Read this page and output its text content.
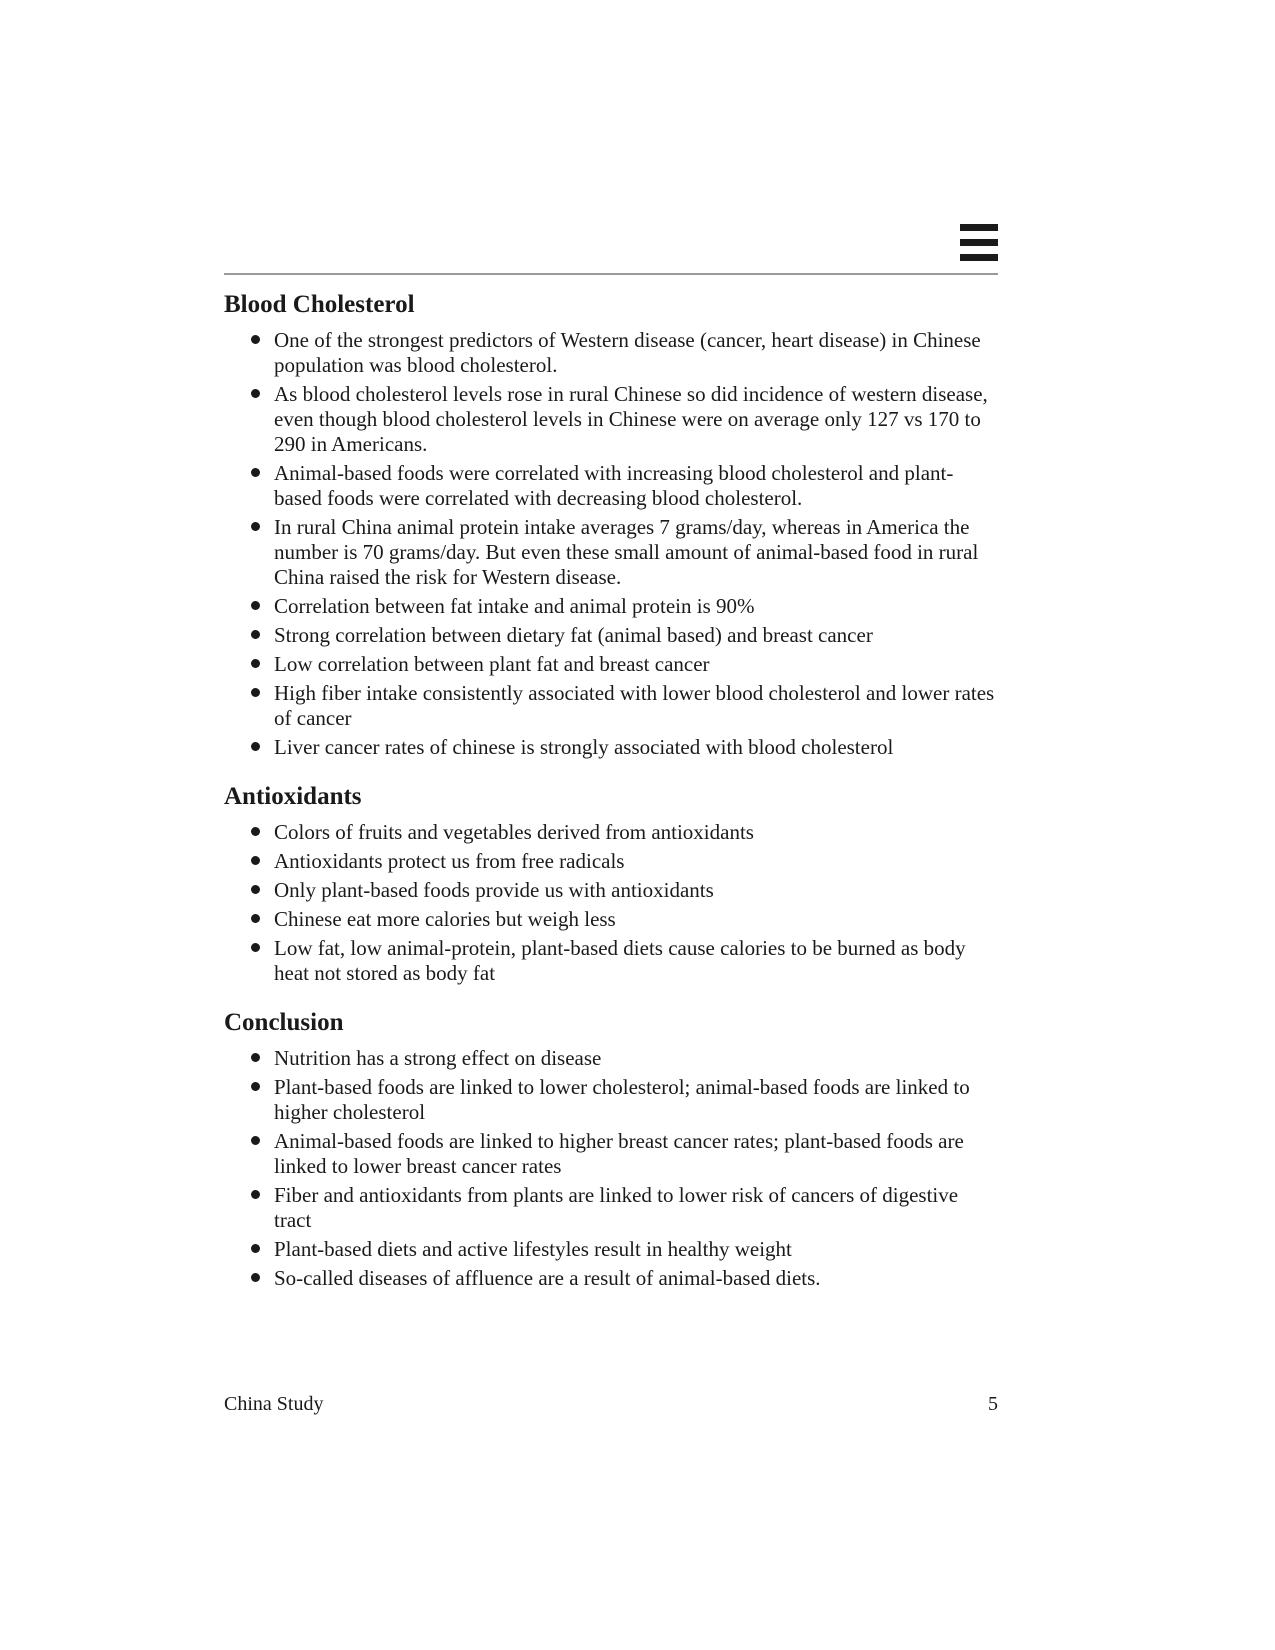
Blood Cholesterol
One of the strongest predictors of Western disease (cancer, heart disease) in Chinese population was blood cholesterol.
As blood cholesterol levels rose in rural Chinese so did incidence of western disease, even though blood cholesterol levels in Chinese were on average only 127 vs 170 to 290 in Americans.
Animal-based foods were correlated with increasing blood cholesterol and plant-based foods were correlated with decreasing blood cholesterol.
In rural China animal protein intake averages 7 grams/day, whereas in America the number is 70 grams/day. But even these small amount of animal-based food in rural China raised the risk for Western disease.
Correlation between fat intake and animal protein is 90%
Strong correlation between dietary fat (animal based) and breast cancer
Low correlation between plant fat and breast cancer
High fiber intake consistently associated with lower blood cholesterol and lower rates of cancer
Liver cancer rates of chinese is strongly associated with blood cholesterol
Antioxidants
Colors of fruits and vegetables derived from antioxidants
Antioxidants protect us from free radicals
Only plant-based foods provide us with antioxidants
Chinese eat more calories but weigh less
Low fat, low animal-protein, plant-based diets cause calories to be burned as body heat not stored as body fat
Conclusion
Nutrition has a strong effect on disease
Plant-based foods are linked to lower cholesterol; animal-based foods are linked to higher cholesterol
Animal-based foods are linked to higher breast cancer rates; plant-based foods are linked to lower breast cancer rates
Fiber and antioxidants from plants are linked to lower risk of cancers of digestive tract
Plant-based diets and active lifestyles result in healthy weight
So-called diseases of affluence are a result of animal-based diets.
China Study	5
